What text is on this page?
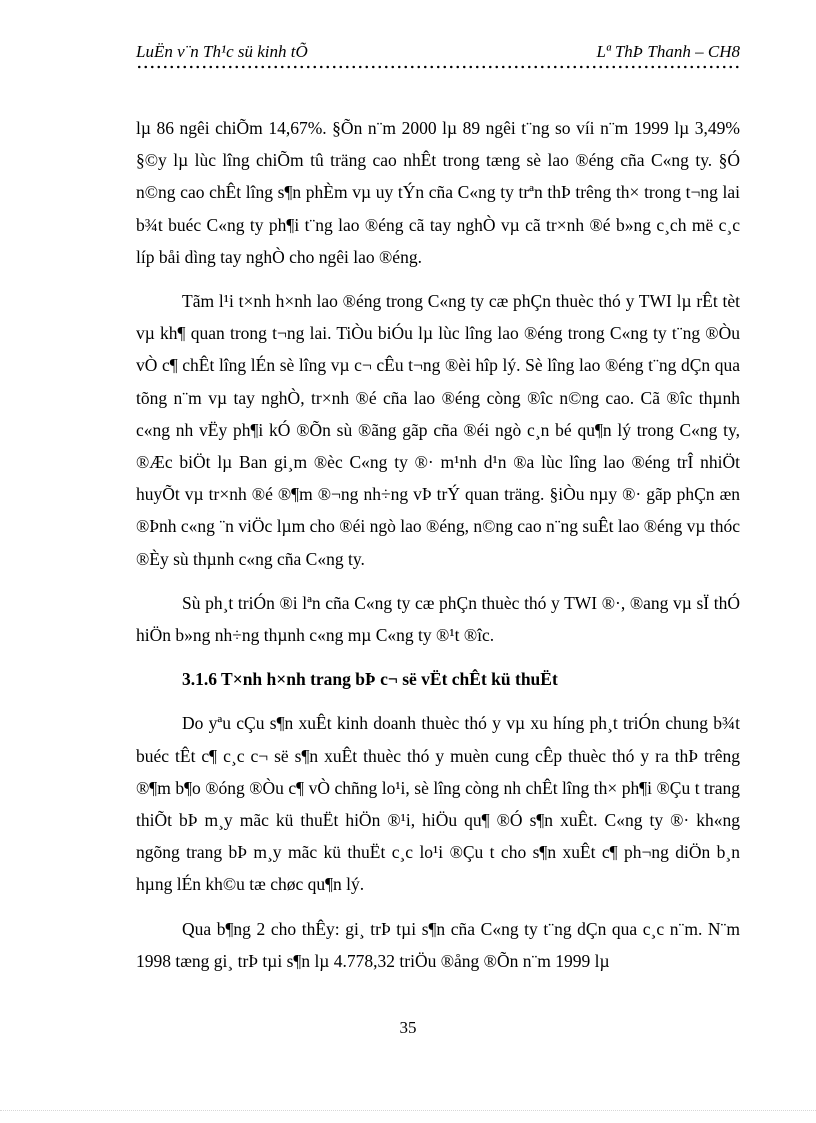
LuËn v¨n Th¹c sü kinh tÕ	Lª ThÞ Thanh – CH8

lµ 86 ngêi chiÕm 14,67%. §Õn n¨m 2000 lµ 89 ngêi t¨ng so víi n¨m 1999 lµ 3,49% §©y lµ lùc lîng chiÕm tû träng cao nhÊt trong tæng sè lao ®éng cña C«ng ty. §Ó n©ng cao chÊt lîng s¶n phÈm vµ uy tÝn cña C«ng ty trªn thÞ trêng th× trong t¬ng lai b¾t buéc C«ng ty ph¶i t¨ng lao ®éng cã tay nghÒ vµ cã tr×nh ®é b»ng c¸ch më c¸c líp båi dìng tay nghÒ cho ngêi lao ®éng.

Tãm l¹i t×nh h×nh lao ®éng trong C«ng ty cæ phÇn thuèc thó y TWI lµ rÊt tèt vµ kh¶ quan trong t¬ng lai. TiÒu biÓu lµ lùc lîng lao ®éng trong C«ng ty t¨ng ®Òu vÒ c¶ chÊt lîng lÉn sè lîng vµ c¬ cÊu t¬ng ®èi hîp lý. Sè lîng lao ®éng t¨ng dÇn qua tõng n¨m vµ tay nghÒ, tr×nh ®é cña lao ®éng còng ®îc n©ng cao. Cã ®îc thµnh c«ng nh vËy ph¶i kÓ ®Õn sù ®ãng gãp cña ®éi ngò c¸n bé qu¶n lý trong C«ng ty, ®Æc biÖt lµ Ban gi¸m ®èc C«ng ty ®· m¹nh d¹n ®a lùc lîng lao ®éng trÎ nhiÖt huyÕt vµ tr×nh ®é ®¶m ®¬ng nh÷ng vÞ trÝ quan träng. §iÒu nµy ®· gãp phÇn æn ®Þnh c«ng ¨n viÖc lµm cho ®éi ngò lao ®éng, n©ng cao n¨ng suÊt lao ®éng vµ thóc ®Èy sù thµnh c«ng cña C«ng ty.

Sù ph¸t triÓn ®i lªn cña C«ng ty cæ phÇn thuèc thó y TWI ®·, ®ang vµ sÏ thÓ hiÖn b»ng nh÷ng thµnh c«ng mµ C«ng ty ®¹t ®îc.

3.1.6 T×nh h×nh trang bÞ c¬ së vËt chÊt kü thuËt

Do yªu cÇu s¶n xuÊt kinh doanh thuèc thó y vµ xu híng ph¸t triÓn chung b¾t buéc tÊt c¶ c¸c c¬ së s¶n xuÊt thuèc thó y muèn cung cÊp thuèc thó y ra thÞ trêng ®¶m b¶o ®óng ®Òu c¶ vÒ chñng lo¹i, sè lîng còng nh chÊt lîng th× ph¶i ®Çu t trang thiÕt bÞ m¸y mãc kü thuËt hiÖn ®¹i, hiÖu qu¶ ®Ó s¶n xuÊt. C«ng ty ®· kh«ng ngõng trang bÞ m¸y mãc kü thuËt c¸c lo¹i ®Çu t cho s¶n xuÊt c¶ ph¬ng diÖn b¸n hµng lÉn kh©u tæ chøc qu¶n lý.

Qua b¶ng 2 cho thÊy: gi¸ trÞ tµi s¶n cña C«ng ty t¨ng dÇn qua c¸c n¨m. N¨m 1998 tæng gi¸ trÞ tµi s¶n lµ 4.778,32 triÖu ®ång ®Õn n¨m 1999 lµ

35
